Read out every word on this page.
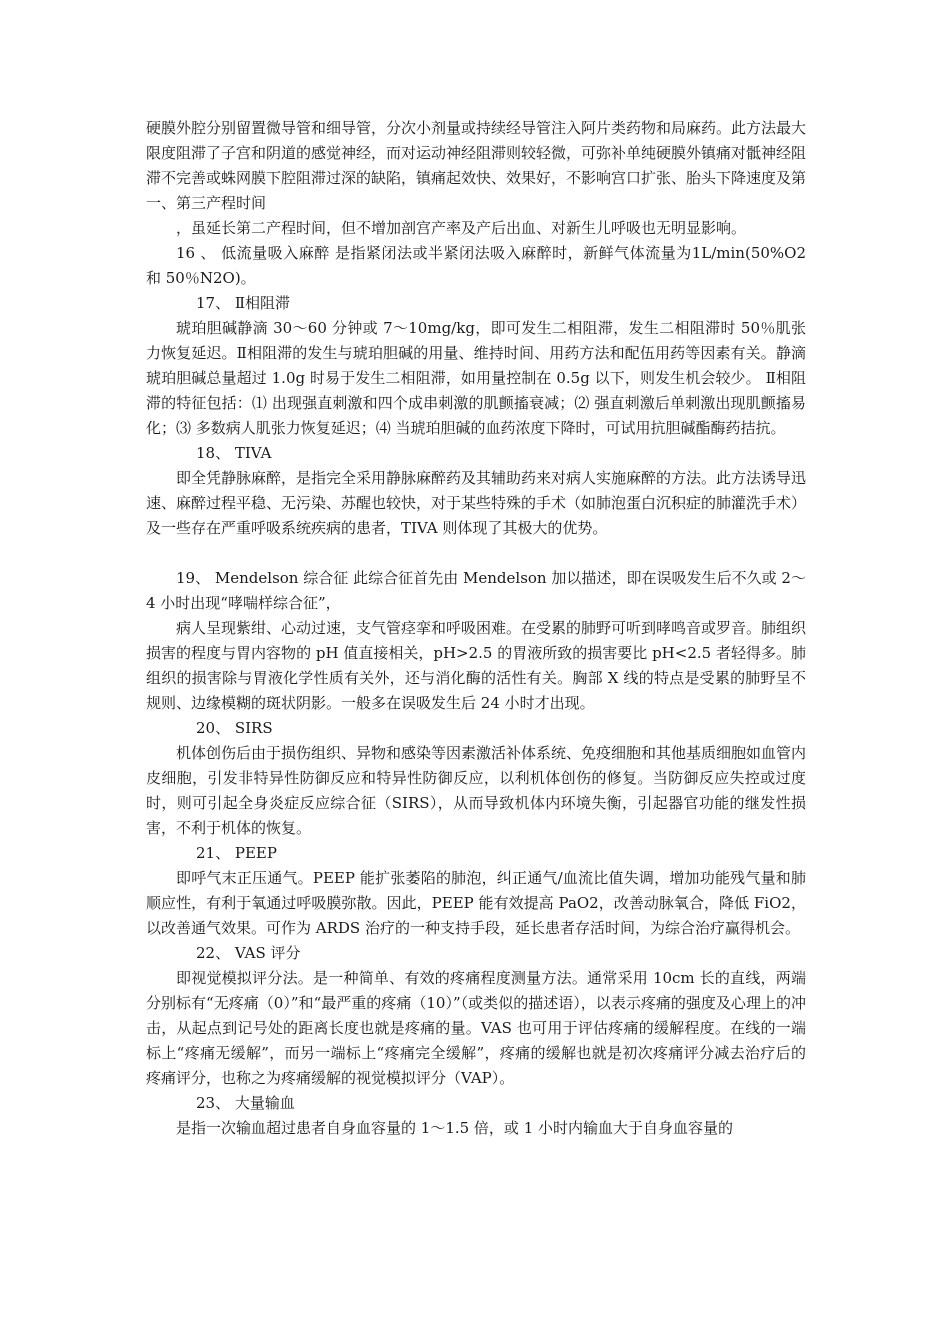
硬膜外腔分别留置微导管和细导管，分次小剂量或持续经导管注入阿片类药物和局麻药。此方法最大限度阻滞了子宫和阴道的感觉神经，而对运动神经阻滞则较轻微，可弥补单纯硬膜外镇痛对骶神经阻滞不完善或蛛网膜下腔阻滞过深的缺陷，镇痛起效快、效果好，不影响宫口扩张、胎头下降速度及第一、第三产程时间

，虽延长第二产程时间，但不增加剖宫产率及产后出血、对新生儿呼吸也无明显影响。

16 、 低流量吸入麻醉 是指紧闭法或半紧闭法吸入麻醉时，新鲜气体流量为1L/min(50%O2 和 50％N2O)。

17、 Ⅱ相阻滞

琥珀胆碱静滴 30～60 分钟或 7～10mg/kg，即可发生二相阻滞，发生二相阻滞时 50％肌张力恢复延迟。Ⅱ相阻滞的发生与琥珀胆碱的用量、维持时间、用药方法和配伍用药等因素有关。静滴琥珀胆碱总量超过 1.0g 时易于发生二相阻滞，如用量控制在 0.5g 以下，则发生机会较少。 Ⅱ相阻滞的特征包括：⑴ 出现强直刺激和四个成串刺激的肌颤搐衰减；⑵ 强直刺激后单刺激出现肌颤搐易化；⑶ 多数病人肌张力恢复延迟；⑷ 当琥珀胆碱的血药浓度下降时，可试用抗胆碱酯酶药拮抗。

18、 TIVA

即全凭静脉麻醉，是指完全采用静脉麻醉药及其辅助药来对病人实施麻醉的方法。此方法诱导迅速、麻醉过程平稳、无污染、苏醒也较快，对于某些特殊的手术（如肺泡蛋白沉积症的肺灌洗手术）及一些存在严重呼吸系统疾病的患者，TIVA 则体现了其极大的优势。

19、 Mendelson 综合征 此综合征首先由 Mendelson 加以描述，即在误吸发生后不久或 2～4 小时出现“哮喘样综合征”，

病人呈现紫绀、心动过速，支气管痉挛和呼吸困难。在受累的肺野可听到哮鸣音或罗音。肺组织损害的程度与胃内容物的 pH 值直接相关，pH>2.5 的胃液所致的损害要比 pH<2.5 者轻得多。肺组织的损害除与胃液化学性质有关外，还与消化酶的活性有关。胸部 X 线的特点是受累的肺野呈不规则、边缘模糊的斑状阴影。一般多在误吸发生后 24 小时才出现。

20、 SIRS

机体创伤后由于损伤组织、异物和感染等因素激活补体系统、免疫细胞和其他基质细胞如血管内皮细胞，引发非特异性防御反应和特异性防御反应，以利机体创伤的修复。当防御反应失控或过度时，则可引起全身炎症反应综合征（SIRS），从而导致机体内环境失衡，引起器官功能的继发性损害，不利于机体的恢复。

21、 PEEP

即呼气末正压通气。PEEP 能扩张萎陷的肺泡，纠正通气/血流比值失调，增加功能残气量和肺顺应性，有利于氧通过呼吸膜弥散。因此，PEEP 能有效提高 PaO2，改善动脉氧合，降低 FiO2，以改善通气效果。可作为 ARDS 治疗的一种支持手段，延长患者存活时间，为综合治疗赢得机会。

22、 VAS 评分

即视觉模拟评分法。是一种简单、有效的疼痛程度测量方法。通常采用 10cm 长的直线，两端分别标有“无疼痛（0）”和“最严重的疼痛（10）”（或类似的描述语），以表示疼痛的强度及心理上的冲击，从起点到记号处的距离长度也就是疼痛的量。VAS 也可用于评估疼痛的缓解程度。在线的一端标上“疼痛无缓解”，而另一端标上“疼痛完全缓解”，疼痛的缓解也就是初次疼痛评分减去治疗后的疼痛评分，也称之为疼痛缓解的视觉模拟评分（VAP）。

23、 大量输血

是指一次输血超过患者自身血容量的 1～1.5 倍，或 1 小时内输血大于自身血容量的
